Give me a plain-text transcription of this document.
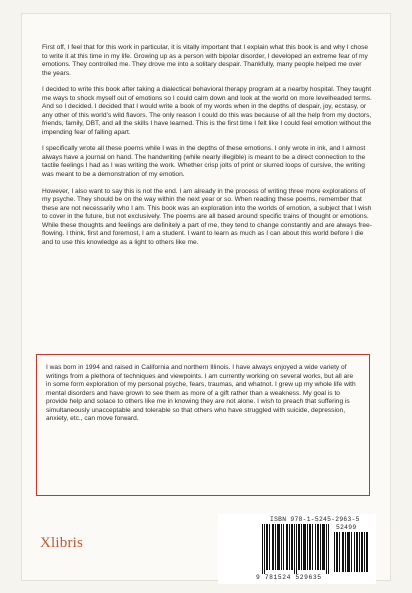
First off, I feel that for this work in particular, it is vitally important that I explain what this book is and why I chose to write it at this time in my life. Growing up as a person with bipolar disorder, I developed an extreme fear of my emotions. They controlled me. They drove me into a solitary despair. Thankfully, many people helped me over the years.

I decided to write this book after taking a dialectical behavioral therapy program at a nearby hospital. They taught me ways to shock myself out of emotions so I could calm down and look at the world on more levelheaded terms. And so I decided. I decided that I would write a book of my words when in the depths of despair, joy, ecstasy, or any other of this world’s wild flavors. The only reason I could do this was because of all the help from my doctors, friends, family, DBT, and all the skills I have learned. This is the first time I felt like I could feel emotion without the impending fear of falling apart.

I specifically wrote all these poems while I was in the depths of these emotions. I only wrote in ink, and I almost always have a journal on hand. The handwriting (while nearly illegible) is meant to be a direct connection to the tactile feelings I had as I was writing the work. Whether crisp jolts of print or slurred loops of cursive, the writing was meant to be a demonstration of my emotion.

However, I also want to say this is not the end. I am already in the process of writing three more explorations of my psyche. They should be on the way within the next year or so. When reading these poems, remember that these are not necessarily who I am. This book was an exploration into the worlds of emotion, a subject that I wish to cover in the future, but not exclusively. The poems are all based around specific trains of thought or emotions. While these thoughts and feelings are definitely a part of me, they tend to change constantly and are always free-flowing. I think, first and foremost, I am a student. I want to learn as much as I can about this world before I die and to use this knowledge as a light to others like me.

I was born in 1994 and raised in California and northern Illinois. I have always enjoyed a wide variety of writings from a plethora of techniques and viewpoints. I am currently working on several works, but all are in some form exploration of my personal psyche, fears, traumas, and whatnot. I grew up my whole life with mental disorders and have grown to see them as more of a gift rather than a weakness. My goal is to provide help and solace to others like me in knowing they are not alone. I wish to preach that suffering is simultaneously unacceptable and tolerable so that others who have struggled with suicide, depression, anxiety, etc., can move forward.

Xlibris
ISBN 978-1-5245-2963-5
52499
9 781524 529635
